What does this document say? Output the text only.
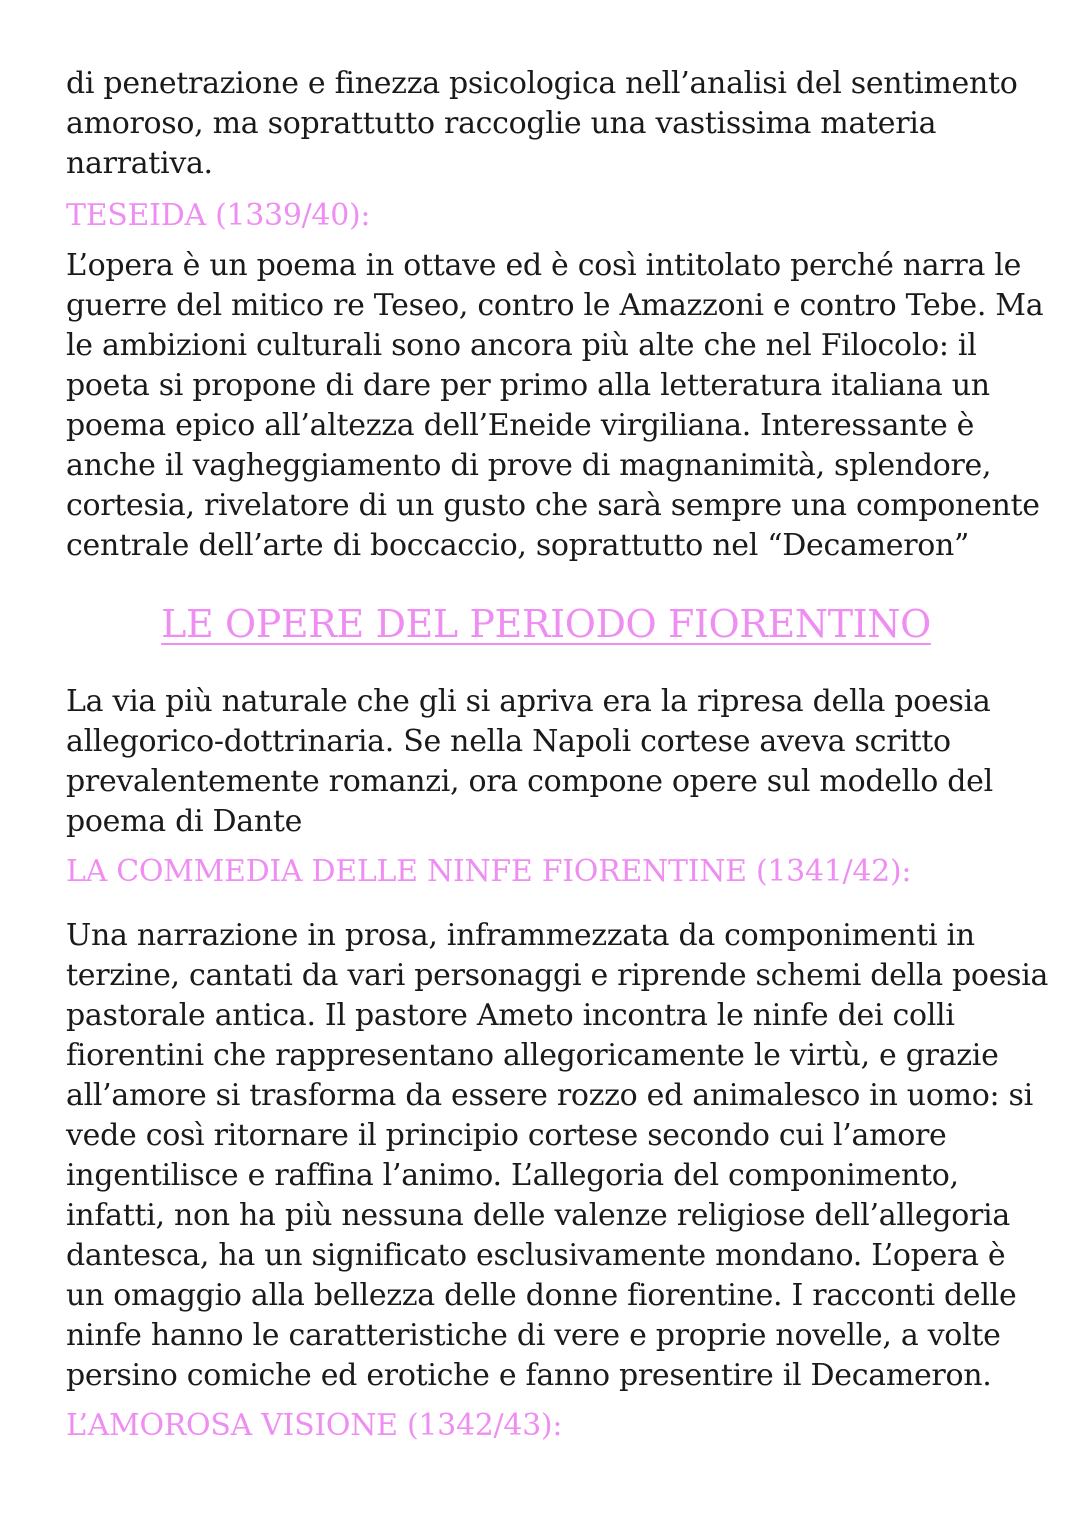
di penetrazione e finezza psicologica nell’analisi del sentimento
amoroso, ma soprattutto raccoglie una vastissima materia
narrativa.

TESEIDA (1339/40):

L’opera è un poema in ottave ed è così intitolato perché narra le
guerre del mitico re Teseo, contro le Amazzoni e contro Tebe. Ma
le ambizioni culturali sono ancora più alte che nel Filocolo: il
poeta si propone di dare per primo alla letteratura italiana un
poema epico all’altezza dell’Eneide virgiliana. Interessante è
anche il vagheggiamento di prove di magnanimità, splendore,
cortesia, rivelatore di un gusto che sarà sempre una componente
centrale dell’arte di boccaccio, soprattutto nel “Decameron”

LE OPERE DEL PERIODO FIORENTINO

La via più naturale che gli si apriva era la ripresa della poesia
allegorico-dottrinaria. Se nella Napoli cortese aveva scritto
prevalentemente romanzi, ora compone opere sul modello del
poema di Dante

LA COMMEDIA DELLE NINFE FIORENTINE (1341/42):

Una narrazione in prosa, inframmezzata da componimenti in
terzine, cantati da vari personaggi e riprende schemi della poesia
pastorale antica. Il pastore Ameto incontra le ninfe dei colli
fiorentini che rappresentano allegoricamente le virtù, e grazie
all’amore si trasforma da essere rozzo ed animalesco in uomo: si
vede così ritornare il principio cortese secondo cui l’amore
ingentilisce e raffina l’animo. L’allegoria del componimento,
infatti, non ha più nessuna delle valenze religiose dell’allegoria
dantesca, ha un significato esclusivamente mondano. L’opera è
un omaggio alla bellezza delle donne fiorentine. I racconti delle
ninfe hanno le caratteristiche di vere e proprie novelle, a volte
persino comiche ed erotiche e fanno presentire il Decameron.

L’AMOROSA VISIONE (1342/43):
